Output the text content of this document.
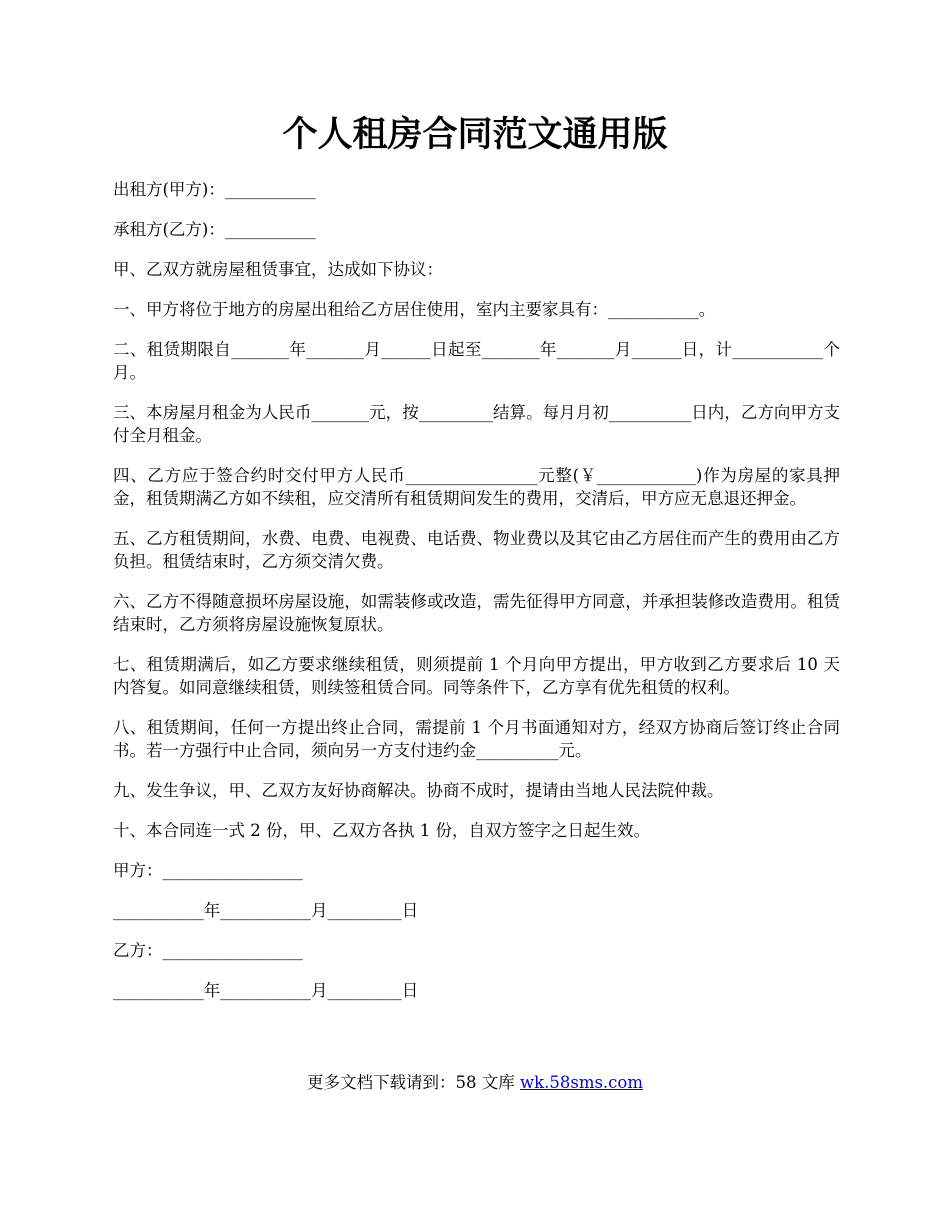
个人租房合同范文通用版

出租方(甲方)：___________

承租方(乙方)：___________

甲、乙双方就房屋租赁事宜，达成如下协议：

一、甲方将位于地方的房屋出租给乙方居住使用，室内主要家具有：___________。

二、租赁期限自_______年_______月______日起至_______年_______月______日，计___________个月。

三、本房屋月租金为人民币_______元，按_________结算。每月月初__________日内，乙方向甲方支付全月租金。

四、乙方应于签合约时交付甲方人民币________________元整(￥____________)作为房屋的家具押金，租赁期满乙方如不续租，应交清所有租赁期间发生的费用，交清后，甲方应无息退还押金。

五、乙方租赁期间，水费、电费、电视费、电话费、物业费以及其它由乙方居住而产生的费用由乙方负担。租赁结束时，乙方须交清欠费。

六、乙方不得随意损坏房屋设施，如需装修或改造，需先征得甲方同意，并承担装修改造费用。租赁结束时，乙方须将房屋设施恢复原状。

七、租赁期满后，如乙方要求继续租赁，则须提前 1 个月向甲方提出，甲方收到乙方要求后 10 天内答复。如同意继续租赁，则续签租赁合同。同等条件下，乙方享有优先租赁的权利。

八、租赁期间，任何一方提出终止合同，需提前 1 个月书面通知对方，经双方协商后签订终止合同书。若一方强行中止合同，须向另一方支付违约金__________元。

九、发生争议，甲、乙双方友好协商解决。协商不成时，提请由当地人民法院仲裁。

十、本合同连一式 2 份，甲、乙双方各执 1 份，自双方签字之日起生效。

甲方：_________________

___________年___________月_________日

乙方：_________________

___________年___________月_________日

更多文档下载请到：58 文库 wk.58sms.com
